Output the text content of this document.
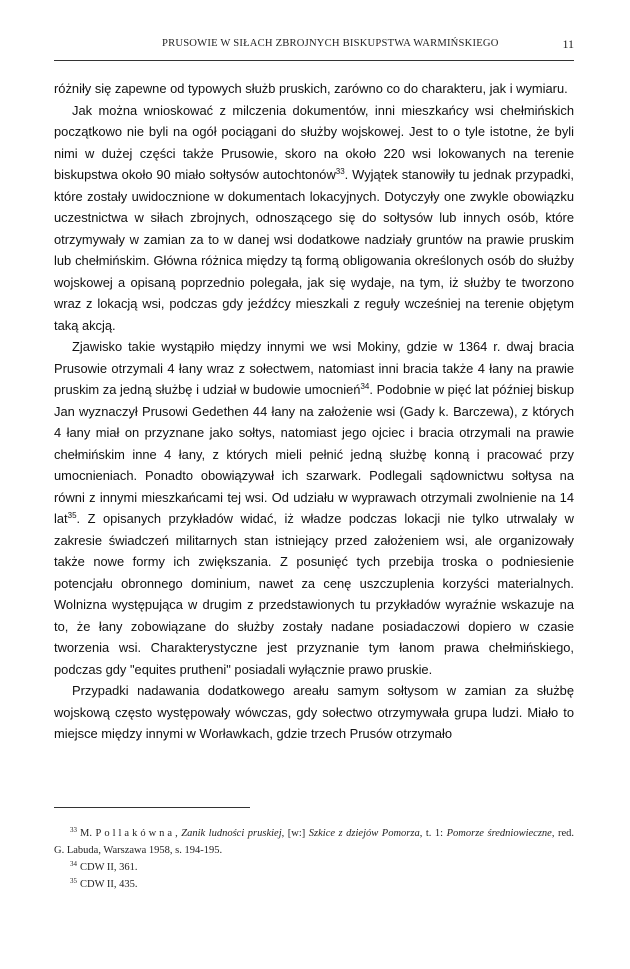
PRUSOWIE W SIŁACH ZBROJNYCH BISKUPSTWA WARMIŃSKIEGO	11

różniły się zapewne od typowych służb pruskich, zarówno co do charakteru, jak i wymiaru.

Jak można wnioskować z milczenia dokumentów, inni mieszkańcy wsi chełmińskich początkowo nie byli na ogół pociągani do służby wojskowej. Jest to o tyle istotne, że byli nimi w dużej części także Prusowie, skoro na około 220 wsi lokowanych na terenie biskupstwa około 90 miało sołtysów autochtonów$^{33}$. Wyjątek stanowiły tu jednak przypadki, które zostały uwidocznione w dokumentach lokacyjnych. Dotyczyły one zwykle obowiązku uczestnictwa w siłach zbrojnych, odnoszącego się do sołtysów lub innych osób, które otrzymywały w zamian za to w danej wsi dodatkowe nadziały gruntów na prawie pruskim lub chełmińskim. Główna różnica między tą formą obligowania określonych osób do służby wojskowej a opisaną poprzednio polegała, jak się wydaje, na tym, iż służby te tworzono wraz z lokacją wsi, podczas gdy jeźdźcy mieszkali z reguły wcześniej na terenie objętym taką akcją.

Zjawisko takie wystąpiło między innymi we wsi Mokiny, gdzie w 1364 r. dwaj bracia Prusowie otrzymali 4 łany wraz z sołectwem, natomiast inni bracia także 4 łany na prawie pruskim za jedną służbę i udział w budowie umocnień$^{34}$. Podobnie w pięć lat później biskup Jan wyznaczył Prusowi Gedethen 44 łany na założenie wsi (Gady k. Barczewa), z których 4 łany miał on przyznane jako sołtys, natomiast jego ojciec i bracia otrzymali na prawie chełmińskim inne 4 łany, z których mieli pełnić jedną służbę konną i pracować przy umocnieniach. Ponadto obowiązywał ich szarwark. Podlegali sądownictwu sołtysa na równi z innymi mieszkańcami tej wsi. Od udziału w wyprawach otrzymali zwolnienie na 14 lat$^{35}$. Z opisanych przykładów widać, iż władze podczas lokacji nie tylko utrwalały w zakresie świadczeń militarnych stan istniejący przed założeniem wsi, ale organizowały także nowe formy ich zwiększania. Z posunięć tych przebija troska o podniesienie potencjału obronnego dominium, nawet za cenę uszczuplenia korzyści materialnych. Wolnizna występująca w drugim z przedstawionych tu przykładów wyraźnie wskazuje na to, że łany zobowiązane do służby zostały nadane posiadaczowi dopiero w czasie tworzenia wsi. Charakterystyczne jest przyznanie tym łanom prawa chełmińskiego, podczas gdy "equites prutheni" posiadali wyłącznie prawo pruskie.

Przypadki nadawania dodatkowego areału samym sołtysom w zamian za służbę wojskową często występowały wówczas, gdy sołectwo otrzymywała grupa ludzi. Miało to miejsce między innymi w Worławkach, gdzie trzech Prusów otrzymało

$^{33}$ M. Pollakówna, Zanik ludności pruskiej, [w:] Szkice z dziejów Pomorza, t. 1: Pomorze średniowieczne, red. G. Labuda, Warszawa 1958, s. 194-195.

$^{34}$ CDW II, 361.

$^{35}$ CDW II, 435.
